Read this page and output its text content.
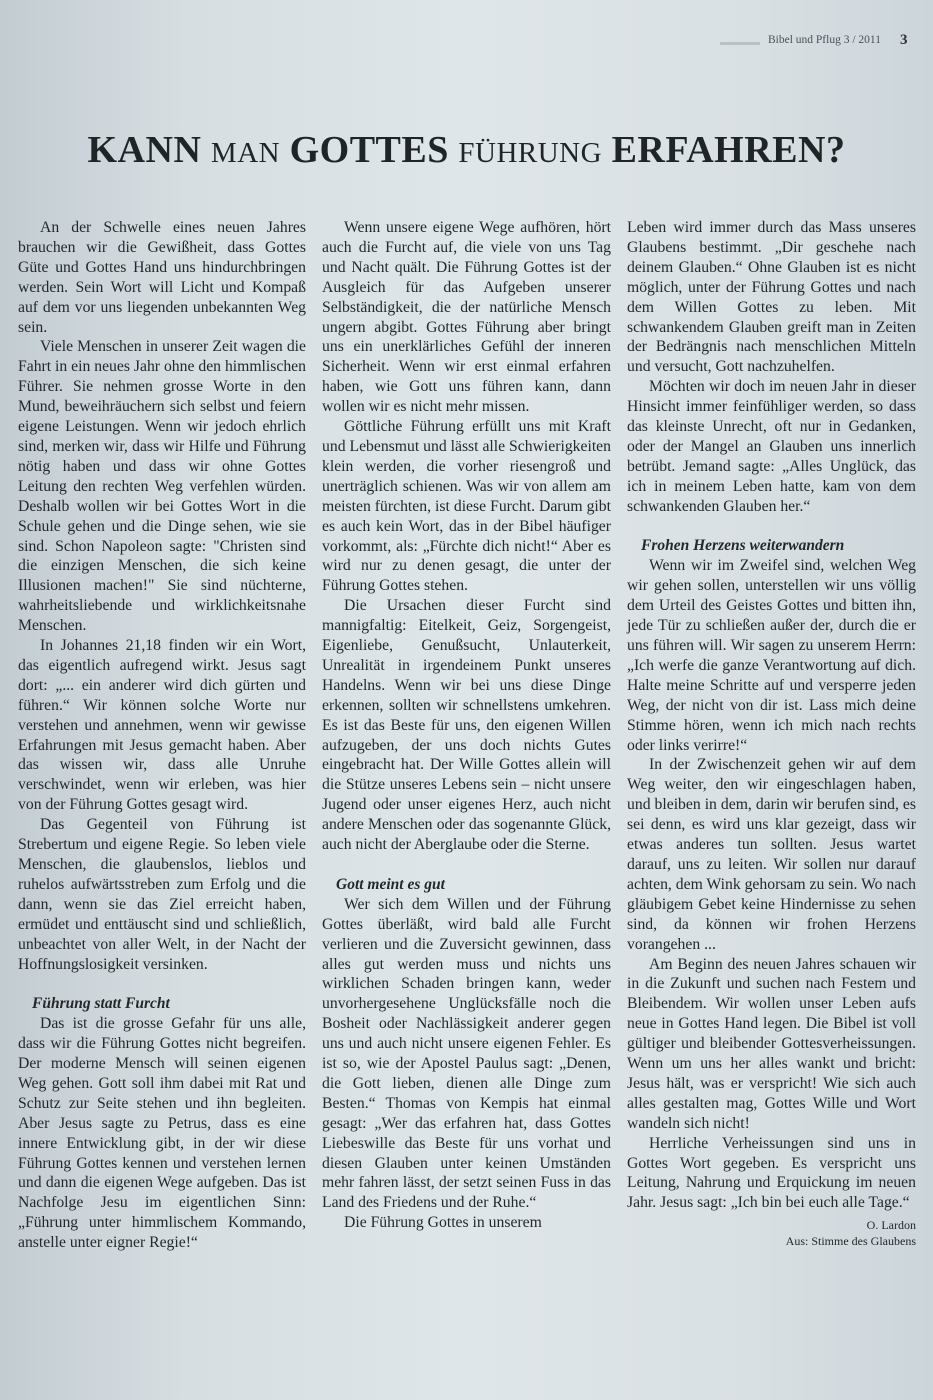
Bibel und Pflug 3 / 2011 3
KANN MAN GOTTES FÜHRUNG ERFAHREN?

An der Schwelle eines neuen Jahres brauchen wir die Gewißheit, dass Gottes Güte und Gottes Hand uns hindurchbringen werden. Sein Wort will Licht und Kompaß auf dem vor uns liegenden unbekannten Weg sein.

Viele Menschen in unserer Zeit wagen die Fahrt in ein neues Jahr ohne den himmlischen Führer. Sie nehmen grosse Worte in den Mund, beweihräuchern sich selbst und feiern eigene Leistungen. Wenn wir jedoch ehrlich sind, merken wir, dass wir Hilfe und Führung nötig haben und dass wir ohne Gottes Leitung den rechten Weg verfehlen würden. Deshalb wollen wir bei Gottes Wort in die Schule gehen und die Dinge sehen, wie sie sind. Schon Napoleon sagte: "Christen sind die einzigen Menschen, die sich keine Illusionen machen!" Sie sind nüchterne, wahrheitsliebende und wirklichkeitsnahe Menschen.

In Johannes 21,18 finden wir ein Wort, das eigentlich aufregend wirkt. Jesus sagt dort: „... ein anderer wird dich gürten und führen.“ Wir können solche Worte nur verstehen und annehmen, wenn wir gewisse Erfahrungen mit Jesus gemacht haben. Aber das wissen wir, dass alle Unruhe verschwindet, wenn wir erleben, was hier von der Führung Gottes gesagt wird.

Das Gegenteil von Führung ist Strebertum und eigene Regie. So leben viele Menschen, die glaubenslos, lieblos und ruhelos aufwärtsstreben zum Erfolg und die dann, wenn sie das Ziel erreicht haben, ermüdet und enttäuscht sind und schließlich, unbeachtet von aller Welt, in der Nacht der Hoffnungslosigkeit versinken.

Führung statt Furcht

Das ist die grosse Gefahr für uns alle, dass wir die Führung Gottes nicht begreifen. Der moderne Mensch will seinen eigenen Weg gehen. Gott soll ihm dabei mit Rat und Schutz zur Seite stehen und ihn begleiten. Aber Jesus sagte zu Petrus, dass es eine innere Entwicklung gibt, in der wir diese Führung Gottes kennen und verstehen lernen und dann die eigenen Wege aufgeben. Das ist Nachfolge Jesu im eigentlichen Sinn: „Führung unter himmlischem Kommando, anstelle unter eigner Regie!“

Wenn unsere eigene Wege aufhören, hört auch die Furcht auf, die viele von uns Tag und Nacht quält. Die Führung Gottes ist der Ausgleich für das Aufgeben unserer Selbständigkeit, die der natürliche Mensch ungern abgibt. Gottes Führung aber bringt uns ein unerklärliches Gefühl der inneren Sicherheit. Wenn wir erst einmal erfahren haben, wie Gott uns führen kann, dann wollen wir es nicht mehr missen.

Göttliche Führung erfüllt uns mit Kraft und Lebensmut und lässt alle Schwierigkeiten klein werden, die vorher riesengroß und unerträglich schienen. Was wir von allem am meisten fürchten, ist diese Furcht. Darum gibt es auch kein Wort, das in der Bibel häufiger vorkommt, als: „Fürchte dich nicht!“ Aber es wird nur zu denen gesagt, die unter der Führung Gottes stehen.

Die Ursachen dieser Furcht sind mannigfaltig: Eitelkeit, Geiz, Sorgengeist, Eigenliebe, Genußsucht, Unlauterkeit, Unrealität in irgendeinem Punkt unseres Handelns. Wenn wir bei uns diese Dinge erkennen, sollten wir schnellstens umkehren. Es ist das Beste für uns, den eigenen Willen aufzugeben, der uns doch nichts Gutes eingebracht hat. Der Wille Gottes allein will die Stütze unseres Lebens sein – nicht unsere Jugend oder unser eigenes Herz, auch nicht andere Menschen oder das sogenannte Glück, auch nicht der Aberglaube oder die Sterne.

Gott meint es gut

Wer sich dem Willen und der Führung Gottes überläßt, wird bald alle Furcht verlieren und die Zuversicht gewinnen, dass alles gut werden muss und nichts uns wirklichen Schaden bringen kann, weder unvorhergesehene Unglücksfälle noch die Bosheit oder Nachlässigkeit anderer gegen uns und auch nicht unsere eigenen Fehler. Es ist so, wie der Apostel Paulus sagt: „Denen, die Gott lieben, dienen alle Dinge zum Besten.“ Thomas von Kempis hat einmal gesagt: „Wer das erfahren hat, dass Gottes Liebeswille das Beste für uns vorhat und diesen Glauben unter keinen Umständen mehr fahren lässt, der setzt seinen Fuss in das Land des Friedens und der Ruhe.“

Die Führung Gottes in unserem

Leben wird immer durch das Mass unseres Glaubens bestimmt. „Dir geschehe nach deinem Glauben.“ Ohne Glauben ist es nicht möglich, unter der Führung Gottes und nach dem Willen Gottes zu leben. Mit schwankendem Glauben greift man in Zeiten der Bedrängnis nach menschlichen Mitteln und versucht, Gott nachzuhelfen.

Möchten wir doch im neuen Jahr in dieser Hinsicht immer feinfühliger werden, so dass das kleinste Unrecht, oft nur in Gedanken, oder der Mangel an Glauben uns innerlich betrübt. Jemand sagte: „Alles Unglück, das ich in meinem Leben hatte, kam von dem schwankenden Glauben her.“

Frohen Herzens weiterwandern

Wenn wir im Zweifel sind, welchen Weg wir gehen sollen, unterstellen wir uns völlig dem Urteil des Geistes Gottes und bitten ihn, jede Tür zu schließen außer der, durch die er uns führen will. Wir sagen zu unserem Herrn: „Ich werfe die ganze Verantwortung auf dich. Halte meine Schritte auf und versperre jeden Weg, der nicht von dir ist. Lass mich deine Stimme hören, wenn ich mich nach rechts oder links verirre!“

In der Zwischenzeit gehen wir auf dem Weg weiter, den wir eingeschlagen haben, und bleiben in dem, darin wir berufen sind, es sei denn, es wird uns klar gezeigt, dass wir etwas anderes tun sollten. Jesus wartet darauf, uns zu leiten. Wir sollen nur darauf achten, dem Wink gehorsam zu sein. Wo nach gläubigem Gebet keine Hindernisse zu sehen sind, da können wir frohen Herzens vorangehen ...

Am Beginn des neuen Jahres schauen wir in die Zukunft und suchen nach Festem und Bleibendem. Wir wollen unser Leben aufs neue in Gottes Hand legen. Die Bibel ist voll gültiger und bleibender Gottesverheissungen. Wenn um uns her alles wankt und bricht: Jesus hält, was er verspricht! Wie sich auch alles gestalten mag, Gottes Wille und Wort wandeln sich nicht!

Herrliche Verheissungen sind uns in Gottes Wort gegeben. Es verspricht uns Leitung, Nahrung und Erquickung im neuen Jahr. Jesus sagt: „Ich bin bei euch alle Tage.“

O. Lardon
Aus: Stimme des Glaubens
